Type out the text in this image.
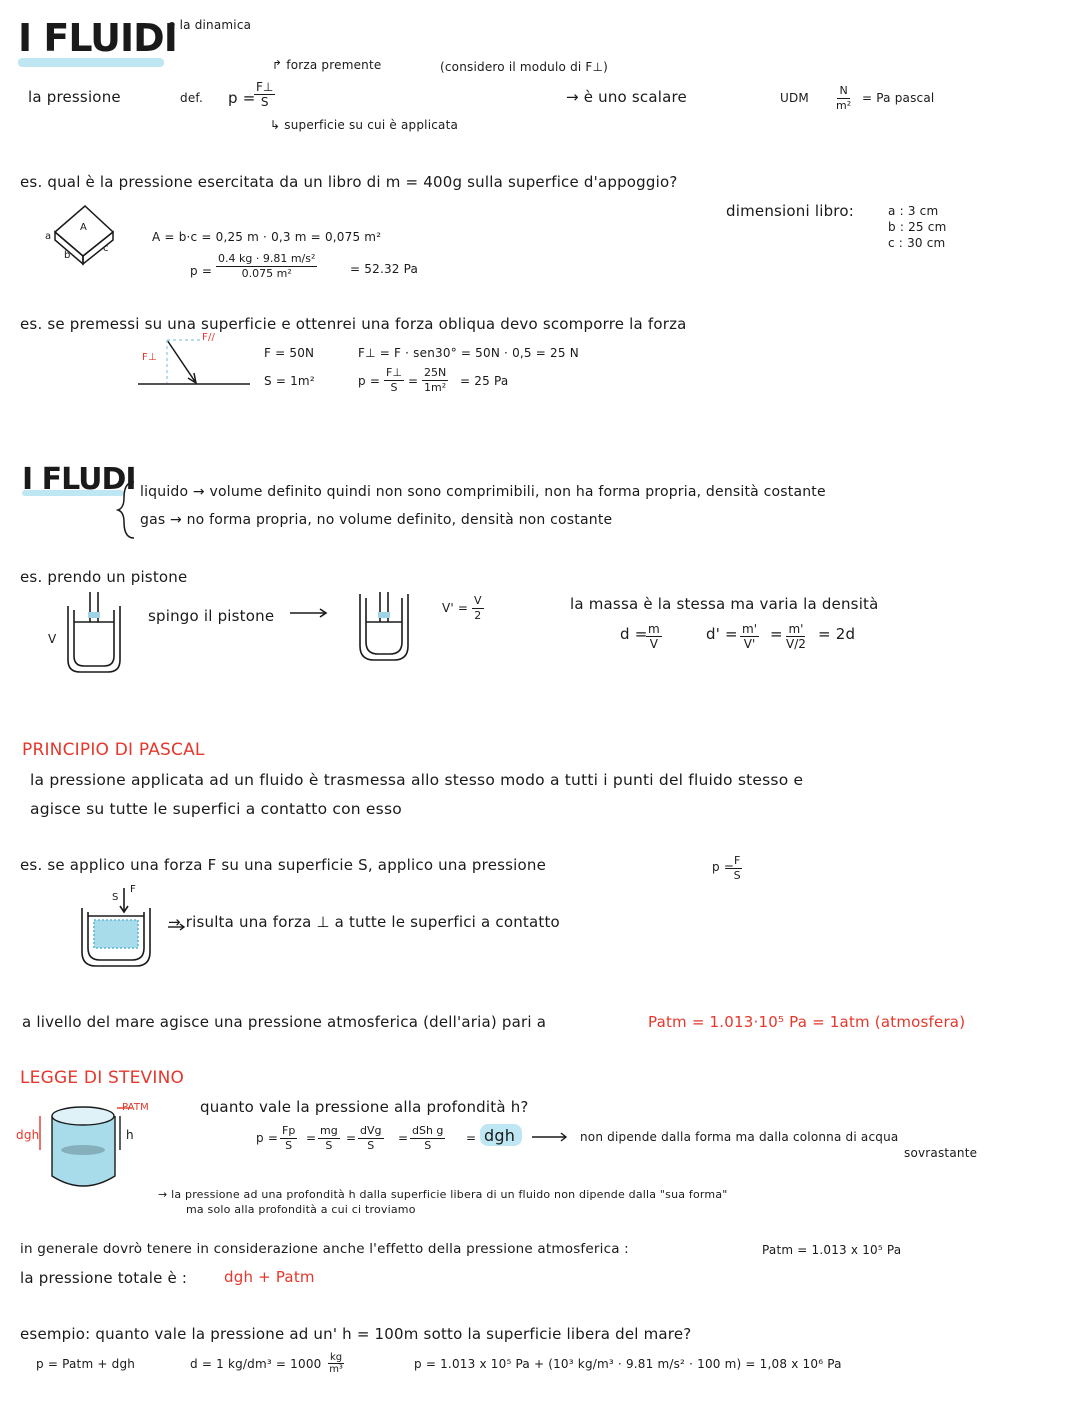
I FLUIDI
e la dinamica
↱ forza premente	(considero il modulo di F⊥)
la pressione	def. p =
$\frac{F\perp}{S}$
↳ superficie su cui è applicata
→ è uno scalare	UDM $\frac{N}{\text{m²}} = Pa$ pascal
es. qual è la pressione esercitata da un libro di m = 400g sulla superfice d'appoggio?
dimensioni libro:	a : 3 cm
b : 25 cm
c : 30 cm
A
a
b
c
A = b·c = 0,25 m · 0,3 m = 0,075 m²
$p = \frac{\text{0.4 kg · 9.81 m/s²}}{\text{0.075 m²}}$	= 52.32 Pa
es. se premessi su una superficie e ottenrei una forza obliqua devo scomporre la forza
F⊥
F//
F = 50N
S = 1m²
F⊥ = F · sen30° = 50N · 0,5 = 25 N
$p = \frac{F\perp}{S} = \frac{25N}{\text{1m²}} = 25$ Pa
I FLUDI liquido → volume definito quindi non sono comprimibili, non ha forma propria, densità costante
gas → no forma propria, no volume definito, densità non costante
es. prendo un pistone
V
spingo il pistone	$V' = \frac{V}{2}$	la massa è la stessa ma varia la densità
d =
$\frac{m}{V}$	$d' = \frac{m'}{V'} = \frac{m'}{V/2} = 2d$
PRINCIPIO DI PASCAL
la pressione applicata ad un fluido è trasmessa allo stesso modo a tutti i punti del fluido stesso e
agisce su tutte le superfici a contatto con esso
es. se applico una forza F su una superficie S, applico una pressione	p =
$\frac{F}{S}$
S
F
→ risulta una forza ⊥ a tutte le superfici a contatto
a livello del mare agisce una pressione atmosferica (dell'aria) pari a	Patm = 1.013·10⁵ Pa = 1atm (atmosfera)
LEGGE DI STEVINO
PATM
dgh	h
quanto vale la pressione alla profondità h?
$p = \frac{Fp}{S} = \frac{mg}{S}$ =
dVg
S
=
dSh g
S
= dgh	non dipende dalla forma ma dalla colonna di acqua
sovrastante
→ la pressione ad una profondità h dalla superficie libera di un fluido non dipende dalla "sua forma"
ma solo alla profondità a cui ci troviamo
in generale dovrò tenere in considerazione anche l'effetto della pressione atmosferica :	Patm = 1.013 x 10⁵ Pa
la pressione totale è : dgh + Patm
esempio: quanto vale la pressione ad un' h = 100m sotto la superficie libera del mare?
p = Patm + dgh	d = 1 $kg/dm^3 = 1000 \frac{kg}{\text{m³}}$	p = 1.013 x 10⁵ Pa + (10³ kg/m³ · 9.81 m/s² · 100 m) = 1,08 x 10⁶ Pa
